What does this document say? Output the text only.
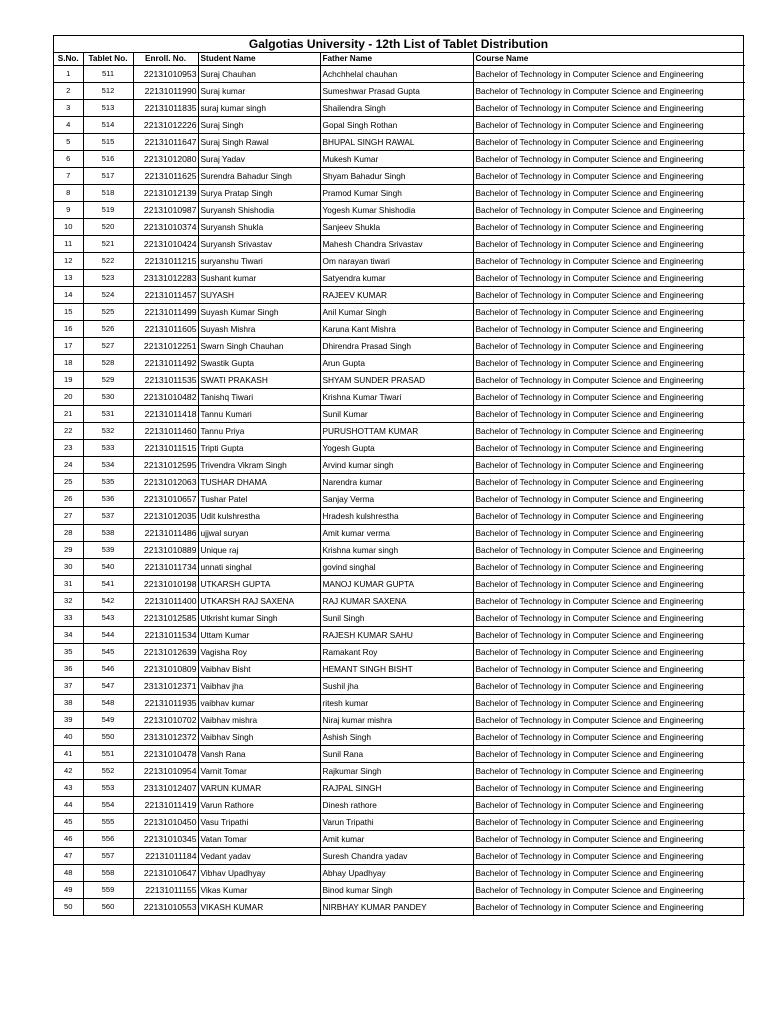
Galgotias University - 12th List of Tablet Distribution
S.No.	Tablet No.	Enroll. No.	Student Name	Father Name	Course Name
1	511	22131010953	Suraj Chauhan	Achchhelal chauhan	Bachelor of Technology in Computer Science and Engineering
2	512	22131011990	Suraj kumar	Sumeshwar Prasad Gupta	Bachelor of Technology in Computer Science and Engineering
3	513	22131011835	suraj kumar singh	Shailendra Singh	Bachelor of Technology in Computer Science and Engineering
4	514	22131012226	Suraj Singh	Gopal Singh Rothan	Bachelor of Technology in Computer Science and Engineering
5	515	22131011647	Suraj Singh Rawal	BHUPAL SINGH RAWAL	Bachelor of Technology in Computer Science and Engineering
6	516	22131012080	Suraj Yadav	Mukesh Kumar	Bachelor of Technology in Computer Science and Engineering
7	517	22131011625	Surendra Bahadur Singh	Shyam Bahadur Singh	Bachelor of Technology in Computer Science and Engineering
8	518	22131012139	Surya Pratap Singh	Pramod Kumar Singh	Bachelor of Technology in Computer Science and Engineering
9	519	22131010987	Suryansh Shishodia	Yogesh Kumar Shishodia	Bachelor of Technology in Computer Science and Engineering
10	520	22131010374	Suryansh Shukla	Sanjeev Shukla	Bachelor of Technology in Computer Science and Engineering
11	521	22131010424	Suryansh Srivastav	Mahesh Chandra Srivastav	Bachelor of Technology in Computer Science and Engineering
12	522	22131011215	suryanshu Tiwari	Om narayan tiwari	Bachelor of Technology in Computer Science and Engineering
13	523	23131012283	Sushant kumar	Satyendra kumar	Bachelor of Technology in Computer Science and Engineering
14	524	22131011457	SUYASH	RAJEEV KUMAR	Bachelor of Technology in Computer Science and Engineering
15	525	22131011499	Suyash Kumar Singh	Anil Kumar Singh	Bachelor of Technology in Computer Science and Engineering
16	526	22131011605	Suyash Mishra	Karuna Kant Mishra	Bachelor of Technology in Computer Science and Engineering
17	527	22131012251	Swarn Singh Chauhan	Dhirendra Prasad Singh	Bachelor of Technology in Computer Science and Engineering
18	528	22131011492	Swastik Gupta	Arun Gupta	Bachelor of Technology in Computer Science and Engineering
19	529	22131011535	SWATI PRAKASH	SHYAM SUNDER PRASAD	Bachelor of Technology in Computer Science and Engineering
20	530	22131010482	Tanishq Tiwari	Krishna Kumar Tiwari	Bachelor of Technology in Computer Science and Engineering
21	531	22131011418	Tannu Kumari	Sunil Kumar	Bachelor of Technology in Computer Science and Engineering
22	532	22131011460	Tannu Priya	PURUSHOTTAM KUMAR	Bachelor of Technology in Computer Science and Engineering
23	533	22131011515	Tripti Gupta	Yogesh Gupta	Bachelor of Technology in Computer Science and Engineering
24	534	22131012595	Trivendra Vikram Singh	Arvind kumar singh	Bachelor of Technology in Computer Science and Engineering
25	535	22131012063	TUSHAR DHAMA	Narendra kumar	Bachelor of Technology in Computer Science and Engineering
26	536	22131010657	Tushar Patel	Sanjay Verma	Bachelor of Technology in Computer Science and Engineering
27	537	22131012035	Udit kulshrestha	Hradesh kulshrestha	Bachelor of Technology in Computer Science and Engineering
28	538	22131011486	ujjwal suryan	Amit kumar verma	Bachelor of Technology in Computer Science and Engineering
29	539	22131010889	Unique raj	Krishna kumar singh	Bachelor of Technology in Computer Science and Engineering
30	540	22131011734	unnati singhal	govind singhal	Bachelor of Technology in Computer Science and Engineering
31	541	22131010198	UTKARSH GUPTA	MANOJ KUMAR GUPTA	Bachelor of Technology in Computer Science and Engineering
32	542	22131011400	UTKARSH RAJ SAXENA	RAJ KUMAR SAXENA	Bachelor of Technology in Computer Science and Engineering
33	543	22131012585	Utkrisht kumar Singh	Sunil Singh	Bachelor of Technology in Computer Science and Engineering
34	544	22131011534	Uttam Kumar	RAJESH KUMAR SAHU	Bachelor of Technology in Computer Science and Engineering
35	545	22131012639	Vagisha Roy	Ramakant Roy	Bachelor of Technology in Computer Science and Engineering
36	546	22131010809	Vaibhav Bisht	HEMANT SINGH BISHT	Bachelor of Technology in Computer Science and Engineering
37	547	23131012371	Vaibhav jha	Sushil jha	Bachelor of Technology in Computer Science and Engineering
38	548	22131011935	vaibhav kumar	ritesh kumar	Bachelor of Technology in Computer Science and Engineering
39	549	22131010702	Vaibhav mishra	Niraj kumar mishra	Bachelor of Technology in Computer Science and Engineering
40	550	23131012372	Vaibhav Singh	Ashish Singh	Bachelor of Technology in Computer Science and Engineering
41	551	22131010478	Vansh Rana	Sunil Rana	Bachelor of Technology in Computer Science and Engineering
42	552	22131010954	Varnit Tomar	Rajkumar Singh	Bachelor of Technology in Computer Science and Engineering
43	553	23131012407	VARUN KUMAR	RAJPAL SINGH	Bachelor of Technology in Computer Science and Engineering
44	554	22131011419	Varun Rathore	Dinesh rathore	Bachelor of Technology in Computer Science and Engineering
45	555	22131010450	Vasu Tripathi	Varun Tripathi	Bachelor of Technology in Computer Science and Engineering
46	556	22131010345	Vatan Tomar	Amit kumar	Bachelor of Technology in Computer Science and Engineering
47	557	22131011184	Vedant yadav	Suresh Chandra yadav	Bachelor of Technology in Computer Science and Engineering
48	558	22131010647	Vibhav Upadhyay	Abhay Upadhyay	Bachelor of Technology in Computer Science and Engineering
49	559	22131011155	Vikas Kumar	Binod kumar Singh	Bachelor of Technology in Computer Science and Engineering
50	560	22131010553	VIKASH KUMAR	NIRBHAY KUMAR PANDEY	Bachelor of Technology in Computer Science and Engineering
